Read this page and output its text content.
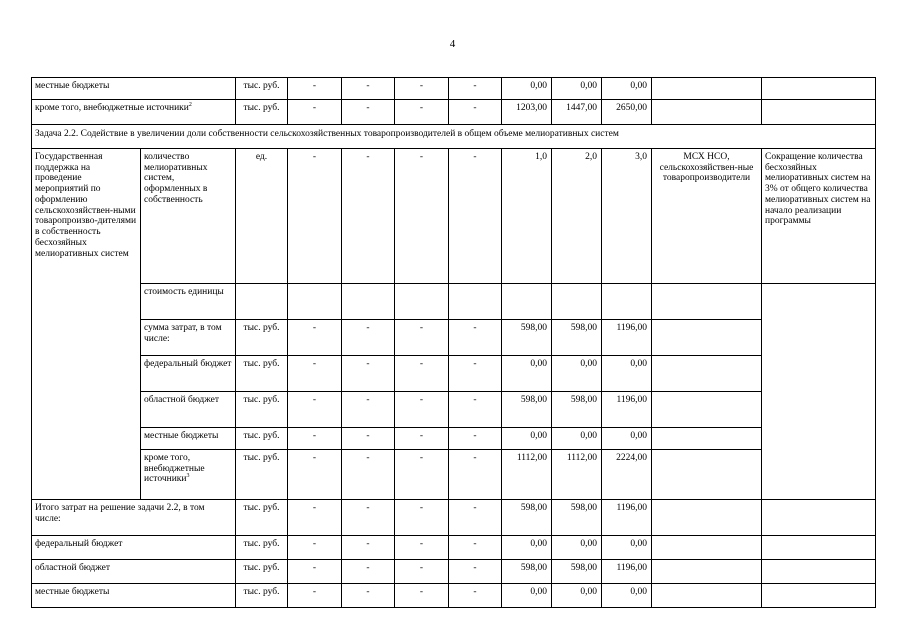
4
местные бюджеты		тыс. руб.	-	-	-	-	0,00	0,00	0,00		
кроме того, внебюджетные источники$^2$		тыс. руб.	-	-	-	-	1203,00	1447,00	2650,00		
Задача 2.2. Содействие в увеличении доли собственности сельскохозяйственных товаропроизводителей в общем объеме мелиоративных систем											
Государственная поддержка на проведение мероприятий по оформлению сельскохозяйствен-ными товаропроизво-дителями в собственность бесхозяйных мелиоративных систем	количество мелиоративных систем, оформленных в собственность	ед.	-	-	-	-	1,0	2,0	3,0	МСХ НСО, сельскохозяйствен-ные товаропроизводители	Сокращение количества бесхозяйных мелиоративных систем на 3% от общего количества мелиоративных систем на начало реализации программы
	стоимость единицы										
	сумма затрат, в том числе:	тыс. руб.	-	-	-	-	598,00	598,00	1196,00		
	федеральный бюджет	тыс. руб.	-	-	-	-	0,00	0,00	0,00		
	областной бюджет	тыс. руб.	-	-	-	-	598,00	598,00	1196,00		
	местные бюджеты	тыс. руб.	-	-	-	-	0,00	0,00	0,00		
	кроме того, внебюджетные источники$^3$	тыс. руб.	-	-	-	-	1112,00	1112,00	2224,00		
Итого затрат на решение задачи 2.2, в том числе:		тыс. руб.	-	-	-	-	598,00	598,00	1196,00		
федеральный бюджет		тыс. руб.	-	-	-	-	0,00	0,00	0,00		
областной бюджет		тыс. руб.	-	-	-	-	598,00	598,00	1196,00		
местные бюджеты		тыс. руб.	-	-	-	-	0,00	0,00	0,00		
